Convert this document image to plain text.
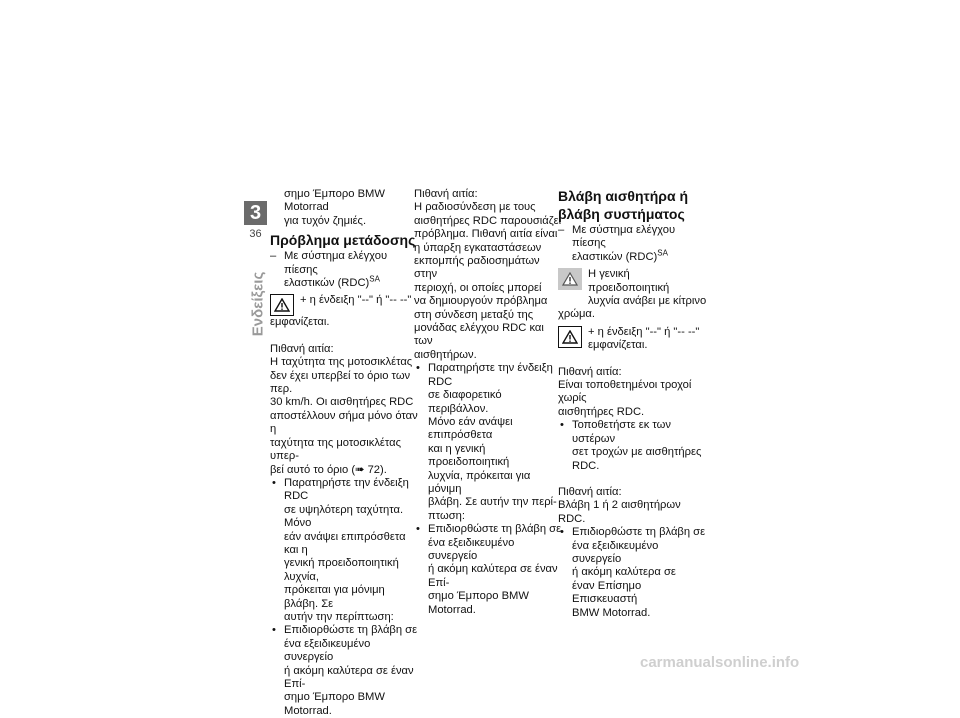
3
36
Ενδείξεις

σημο Έμπορο BMW Motorrad

για τυχόν ζημιές.

Πρόβλημα μετάδοσης

– Με σύστημα ελέγχου πίεσης

ελαστικών (RDC)$^{SA}$

+ η ένδειξη "--" ή "-- --"

εμφανίζεται.

Πιθανή αιτία:

Η ταχύτητα της μοτοσικλέτας

δεν έχει υπερβεί το όριο των περ.

30 km/h. Οι αισθητήρες RDC

αποστέλλουν σήμα μόνο όταν η

ταχύτητα της μοτοσικλέτας υπερ-

βεί αυτό το όριο (➠ 72).

• Παρατηρήστε την ένδειξη RDC

σε υψηλότερη ταχύτητα. Μόνο

εάν ανάψει επιπρόσθετα και η

γενική προειδοποιητική λυχνία,

πρόκειται για μόνιμη βλάβη. Σε

αυτήν την περίπτωση:

• Επιδιορθώστε τη βλάβη σε

ένα εξειδικευμένο συνεργείο

ή ακόμη καλύτερα σε έναν Επί-

σημο Έμπορο BMW Motorrad.

Πιθανή αιτία:

Η ραδιοσύνδεση με τους

αισθητήρες RDC παρουσιάζει

πρόβλημα. Πιθανή αιτία είναι

η ύπαρξη εγκαταστάσεων

εκπομπής ραδιοσημάτων στην

περιοχή, οι οποίες μπορεί

να δημιουργούν πρόβλημα

στη σύνδεση μεταξύ της

μονάδας ελέγχου RDC και των

αισθητήρων.

• Παρατηρήστε την ένδειξη RDC

σε διαφορετικό περιβάλλον.

Μόνο εάν ανάψει επιπρόσθετα

και η γενική προειδοποιητική

λυχνία, πρόκειται για μόνιμη

βλάβη. Σε αυτήν την περί-

πτωση:

• Επιδιορθώστε τη βλάβη σε

ένα εξειδικευμένο συνεργείο

ή ακόμη καλύτερα σε έναν Επί-

σημο Έμπορο BMW Motorrad.

Βλάβη αισθητήρα ή

βλάβη συστήματος

– Με σύστημα ελέγχου πίεσης

ελαστικών (RDC)$^{SA}$

Η γενική προειδοποιητική

λυχνία ανάβει με κίτρινο

χρώμα.

+ η ένδειξη "--" ή "-- --"

εμφανίζεται.

Πιθανή αιτία:

Είναι τοποθετημένοι τροχοί χωρίς

αισθητήρες RDC.

• Τοποθετήστε εκ των υστέρων

σετ τροχών με αισθητήρες

RDC.

Πιθανή αιτία:

Βλάβη 1 ή 2 αισθητήρων RDC.

• Επιδιορθώστε τη βλάβη σε

ένα εξειδικευμένο συνεργείο

ή ακόμη καλύτερα σε

έναν Επίσημο Επισκευαστή

BMW Motorrad.

carmanualsonline.info
